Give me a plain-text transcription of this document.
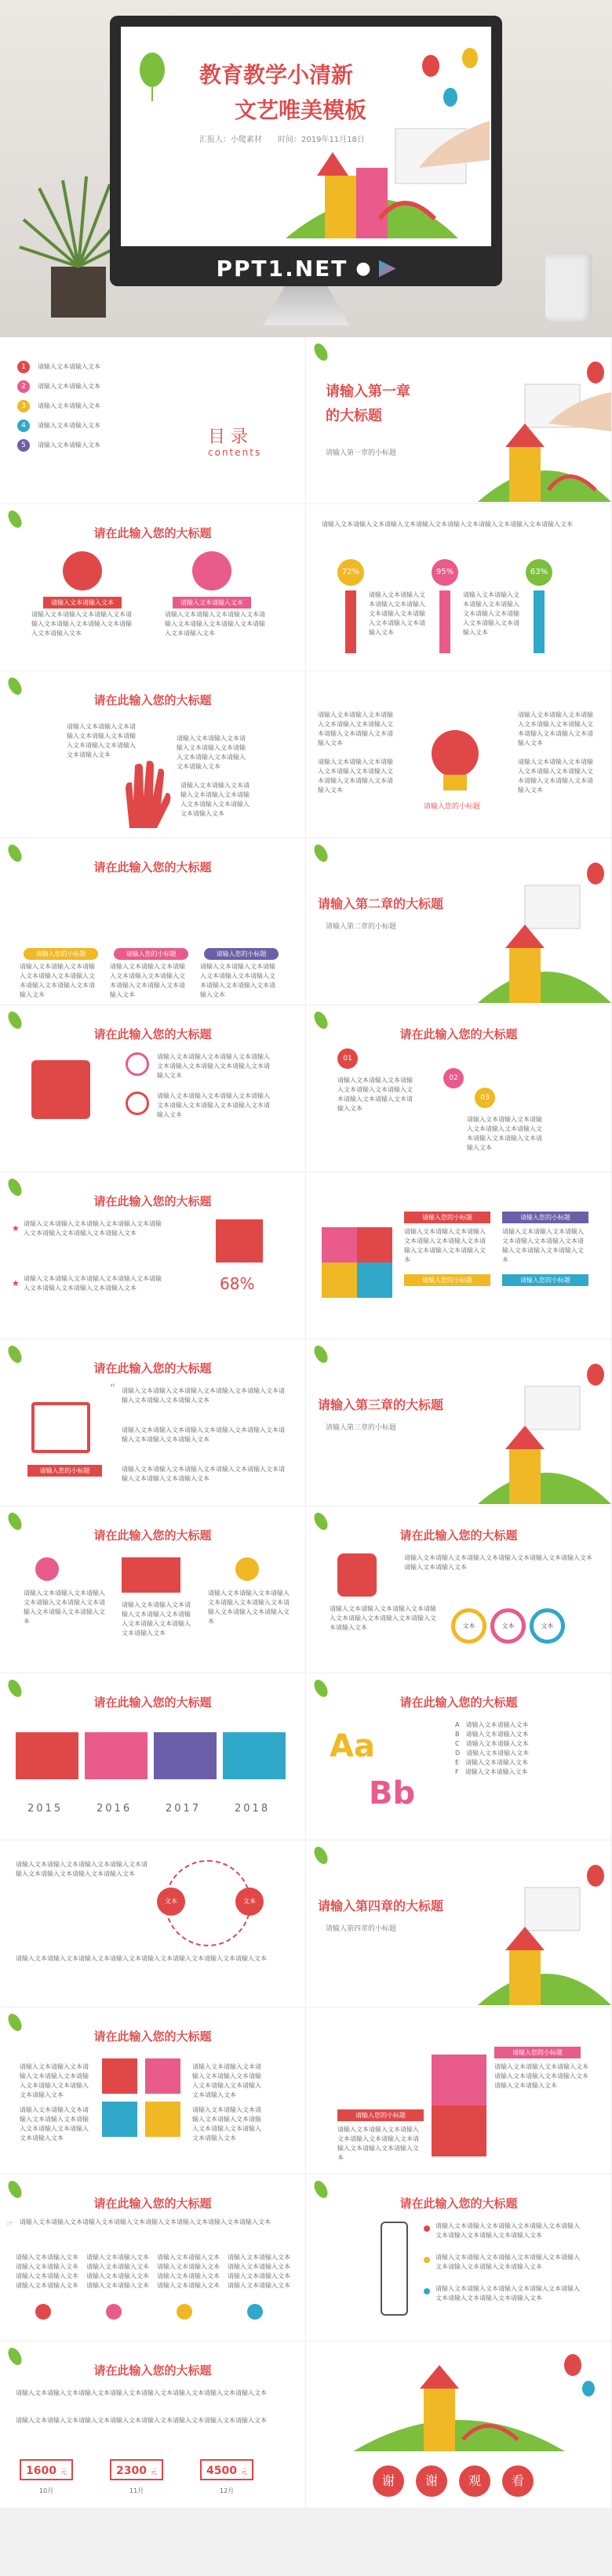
教育教学小清新
文艺唯美模板
汇报人：小爬素材　　时间：2019年11月18日
PPT1.NET ●
1	请输入文本请输入文本
2	请输入文本请输入文本
3	请输入文本请输入文本
4	请输入文本请输入文本
5	请输入文本请输入文本	目 录
contents
请输入第一章
的大标题
请输入第一章的小标题
请在此输入您的大标题
请输入文本请输入文本	请输入文本请输入文本
请输入文本请输入文本请输入文本请输入文本请输入文本请输入文本请输入文本请输入文本
请输入文本请输入文本请输入文本请输入文本请输入文本请输入文本请输入文本请输入文本
请输入文本请输入文本请输入文本请输入文本请输入文本请输入文本请输入文本请输入文本
72%	95%	63%
请输入文本请输入文本请输入文本请输入文本请输入文本请输入文本请输入文本请输入文本
请输入文本请输入文本请输入文本请输入文本请输入文本请输入文本请输入文本请输入文本
请在此输入您的大标题
请输入文本请输入文本请输入文本请输入文本请输入文本请输入文本请输入文本请输入文本
请输入文本请输入文本请输入文本请输入文本请输入文本请输入文本请输入文本请输入文本
请输入文本请输入文本请输入文本请输入文本请输入文本请输入文本请输入文本请输入文本
请输入文本请输入文本请输入文本请输入文本请输入文本请输入文本请输入文本请输入文本
请输入文本请输入文本请输入文本请输入文本请输入文本请输入文本请输入文本请输入文本
请输入文本请输入文本请输入文本请输入文本请输入文本请输入文本请输入文本请输入文本
请输入文本请输入文本请输入文本请输入文本请输入文本请输入文本请输入文本请输入文本
请输入您的小标题
请在此输入您的大标题
请输入您的小标题	请输入您的小标题	请输入您的小标题
请输入文本请输入文本请输入文本请输入文本请输入文本请输入文本请输入文本请输入文本
请输入文本请输入文本请输入文本请输入文本请输入文本请输入文本请输入文本请输入文本
请输入文本请输入文本请输入文本请输入文本请输入文本请输入文本请输入文本请输入文本
请输入第二章的大标题
请输入第二章的小标题
请在此输入您的大标题
请输入文本请输入文本请输入文本请输入文本请输入文本请输入文本请输入文本请输入文本
请输入文本请输入文本请输入文本请输入文本请输入文本请输入文本请输入文本请输入文本
请在此输入您的大标题
01
02
03
请输入文本请输入文本请输入文本请输入文本请输入文本请输入文本请输入文本请输入文本
请输入文本请输入文本请输入文本请输入文本请输入文本请输入文本请输入文本请输入文本
请在此输入您的大标题
★ 请输入文本请输入文本请输入文本请输入文本请输入文本请输入文本请输入文本请输入文本
★ 请输入文本请输入文本请输入文本请输入文本请输入文本请输入文本请输入文本请输入文本	68%
请输入您的小标题	请输入您的小标题
请输入您的小标题	请输入您的小标题
请输入文本请输入文本请输入文本请输入文本请输入文本请输入文本请输入文本请输入文本
请输入文本请输入文本请输入文本请输入文本请输入文本请输入文本请输入文本请输入文本
请在此输入您的大标题
请输入您的小标题
“ 请输入文本请输入文本请输入文本请输入文本请输入文本请输入文本请输入文本请输入文本
请输入文本请输入文本请输入文本请输入文本请输入文本请输入文本请输入文本请输入文本
请输入文本请输入文本请输入文本请输入文本请输入文本请输入文本请输入文本请输入文本
请输入第三章的大标题
请输入第三章的小标题
请在此输入您的大标题
请输入文本请输入文本请输入文本请输入文本请输入文本请输入文本请输入文本请输入文本
请输入文本请输入文本请输入文本请输入文本请输入文本请输入文本请输入文本请输入文本
请输入文本请输入文本请输入文本请输入文本请输入文本请输入文本请输入文本请输入文本
请在此输入您的大标题
请输入文本请输入文本请输入文本请输入文本请输入文本请输入文本请输入文本请输入文本
请输入文本请输入文本请输入文本请输入文本请输入文本请输入文本请输入文本请输入文本	文本	文本	文本
请在此输入您的大标题
2015	2016	2017	2018
请在此输入您的大标题
Aa
Bb
A　 请输入文本请输入文本
B　 请输入文本请输入文本
C　 请输入文本请输入文本
D　 请输入文本请输入文本
E　 请输入文本请输入文本
F　 请输入文本请输入文本
请输入文本请输入文本请输入文本请输入文本请输入文本请输入文本请输入文本请输入文本
文本	文本
请输入文本请输入文本请输入文本请输入文本请输入文本请输入文本请输入文本请输入文本
请输入第四章的大标题
请输入第四章的小标题
请在此输入您的大标题
请输入文本请输入文本请输入文本请输入文本请输入文本请输入文本请输入文本请输入文本
请输入文本请输入文本请输入文本请输入文本请输入文本请输入文本请输入文本请输入文本
请输入文本请输入文本请输入文本请输入文本请输入文本请输入文本请输入文本请输入文本
请输入文本请输入文本请输入文本请输入文本请输入文本请输入文本请输入文本请输入文本
请输入您的小标题
请输入您的小标题
请输入文本请输入文本请输入文本请输入文本请输入文本请输入文本请输入文本请输入文本
请输入文本请输入文本请输入文本请输入文本请输入文本请输入文本请输入文本请输入文本
请在此输入您的大标题
☞ 请输入文本请输入文本请输入文本请输入文本请输入文本请输入文本请输入文本请输入文本
请输入文本请输入文本请输入文本请输入文本请输入文本请输入文本请输入文本请输入文本
请输入文本请输入文本请输入文本请输入文本请输入文本请输入文本请输入文本请输入文本
请输入文本请输入文本请输入文本请输入文本请输入文本请输入文本请输入文本请输入文本
请输入文本请输入文本请输入文本请输入文本请输入文本请输入文本请输入文本请输入文本
请在此输入您的大标题
请输入文本请输入文本请输入文本请输入文本请输入文本请输入文本请输入文本请输入文本
请输入文本请输入文本请输入文本请输入文本请输入文本请输入文本请输入文本请输入文本
请输入文本请输入文本请输入文本请输入文本请输入文本请输入文本请输入文本请输入文本
请在此输入您的大标题
请输入文本请输入文本请输入文本请输入文本请输入文本请输入文本请输入文本请输入文本
请输入文本请输入文本请输入文本请输入文本请输入文本请输入文本请输入文本请输入文本
1600 元
10月
2300 元
11月
4500 元
12月
谢	谢	观	看
